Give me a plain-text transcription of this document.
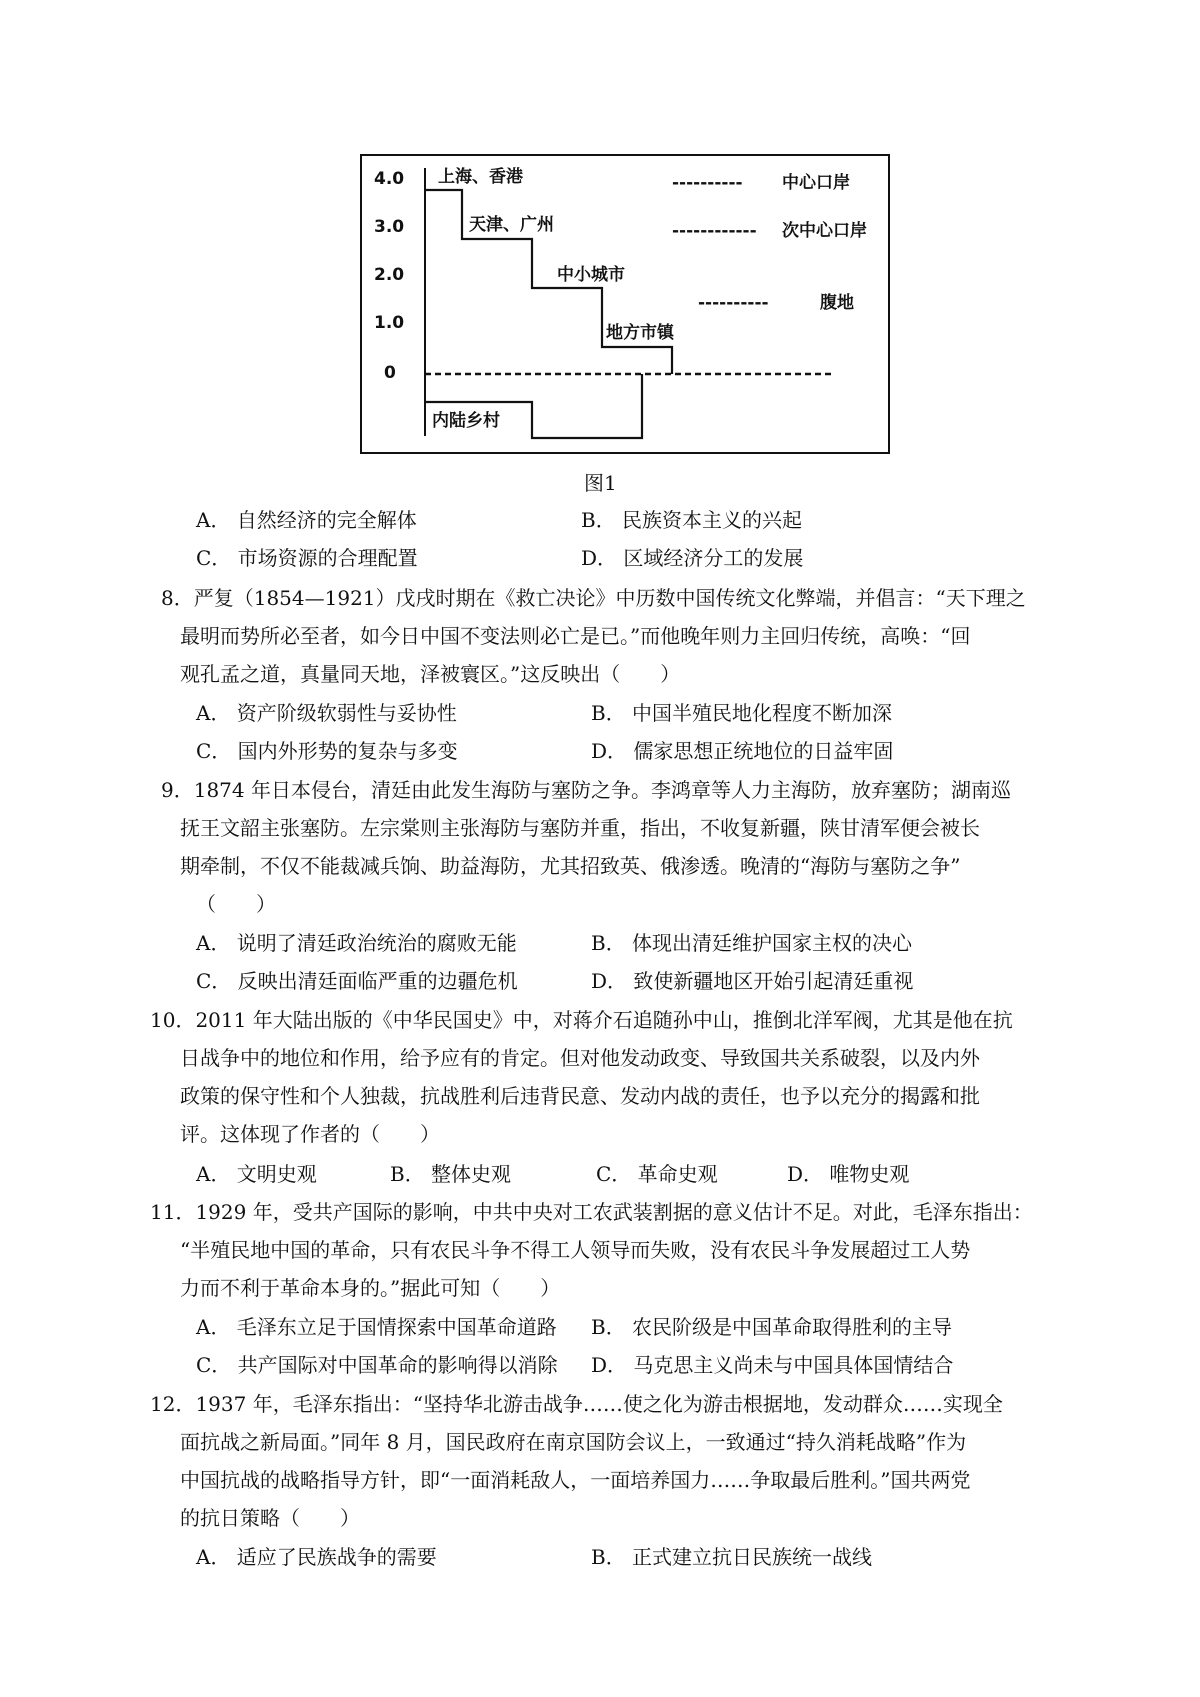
4.0
3.0
2.0
1.0
0
上海、香港
天津、广州
中小城市
地方市镇
内陆乡村
---------- 中心口岸
------------ 次中心口岸
----------	腹地
图1
A． 自然经济的完全解体	B． 民族资本主义的兴起
C． 市场资源的合理配置	D． 区域经济分工的发展
8．严复（1854—1921）戊戌时期在《救亡决论》中历数中国传统文化弊端，并倡言：“天下理之
最明而势所必至者，如今日中国不变法则必亡是已。”而他晚年则力主回归传统，高唤：“回
观孔孟之道，真量同天地，泽被寰区。”这反映出（　　）
A． 资产阶级软弱性与妥协性	B． 中国半殖民地化程度不断加深
C． 国内外形势的复杂与多变	D． 儒家思想正统地位的日益牢固
9．1874 年日本侵台，清廷由此发生海防与塞防之争。李鸿章等人力主海防，放弃塞防；湖南巡
抚王文韶主张塞防。左宗棠则主张海防与塞防并重，指出，不收复新疆，陕甘清军便会被长
期牵制，不仅不能裁减兵饷、助益海防，尤其招致英、俄渗透。晚清的“海防与塞防之争”
（　　）
A． 说明了清廷政治统治的腐败无能	B． 体现出清廷维护国家主权的决心
C． 反映出清廷面临严重的边疆危机	D． 致使新疆地区开始引起清廷重视
10．2011 年大陆出版的《中华民国史》中，对蒋介石追随孙中山，推倒北洋军阀，尤其是他在抗
日战争中的地位和作用，给予应有的肯定。但对他发动政变、导致国共关系破裂，以及内外
政策的保守性和个人独裁，抗战胜利后违背民意、发动内战的责任，也予以充分的揭露和批
评。这体现了作者的（　　）
A． 文明史观	B． 整体史观	C． 革命史观	D． 唯物史观
11．1929 年，受共产国际的影响，中共中央对工农武装割据的意义估计不足。对此，毛泽东指出：
“半殖民地中国的革命，只有农民斗争不得工人领导而失败，没有农民斗争发展超过工人势
力而不利于革命本身的。”据此可知（　　）
A． 毛泽东立足于国情探索中国革命道路 B． 农民阶级是中国革命取得胜利的主导
C． 共产国际对中国革命的影响得以消除 D． 马克思主义尚未与中国具体国情结合
12．1937 年，毛泽东指出：“坚持华北游击战争……使之化为游击根据地，发动群众……实现全
面抗战之新局面。”同年 8 月，国民政府在南京国防会议上，一致通过“持久消耗战略”作为
中国抗战的战略指导方针，即“一面消耗敌人，一面培养国力……争取最后胜利。”国共两党
的抗日策略（　　）
A． 适应了民族战争的需要	B． 正式建立抗日民族统一战线
